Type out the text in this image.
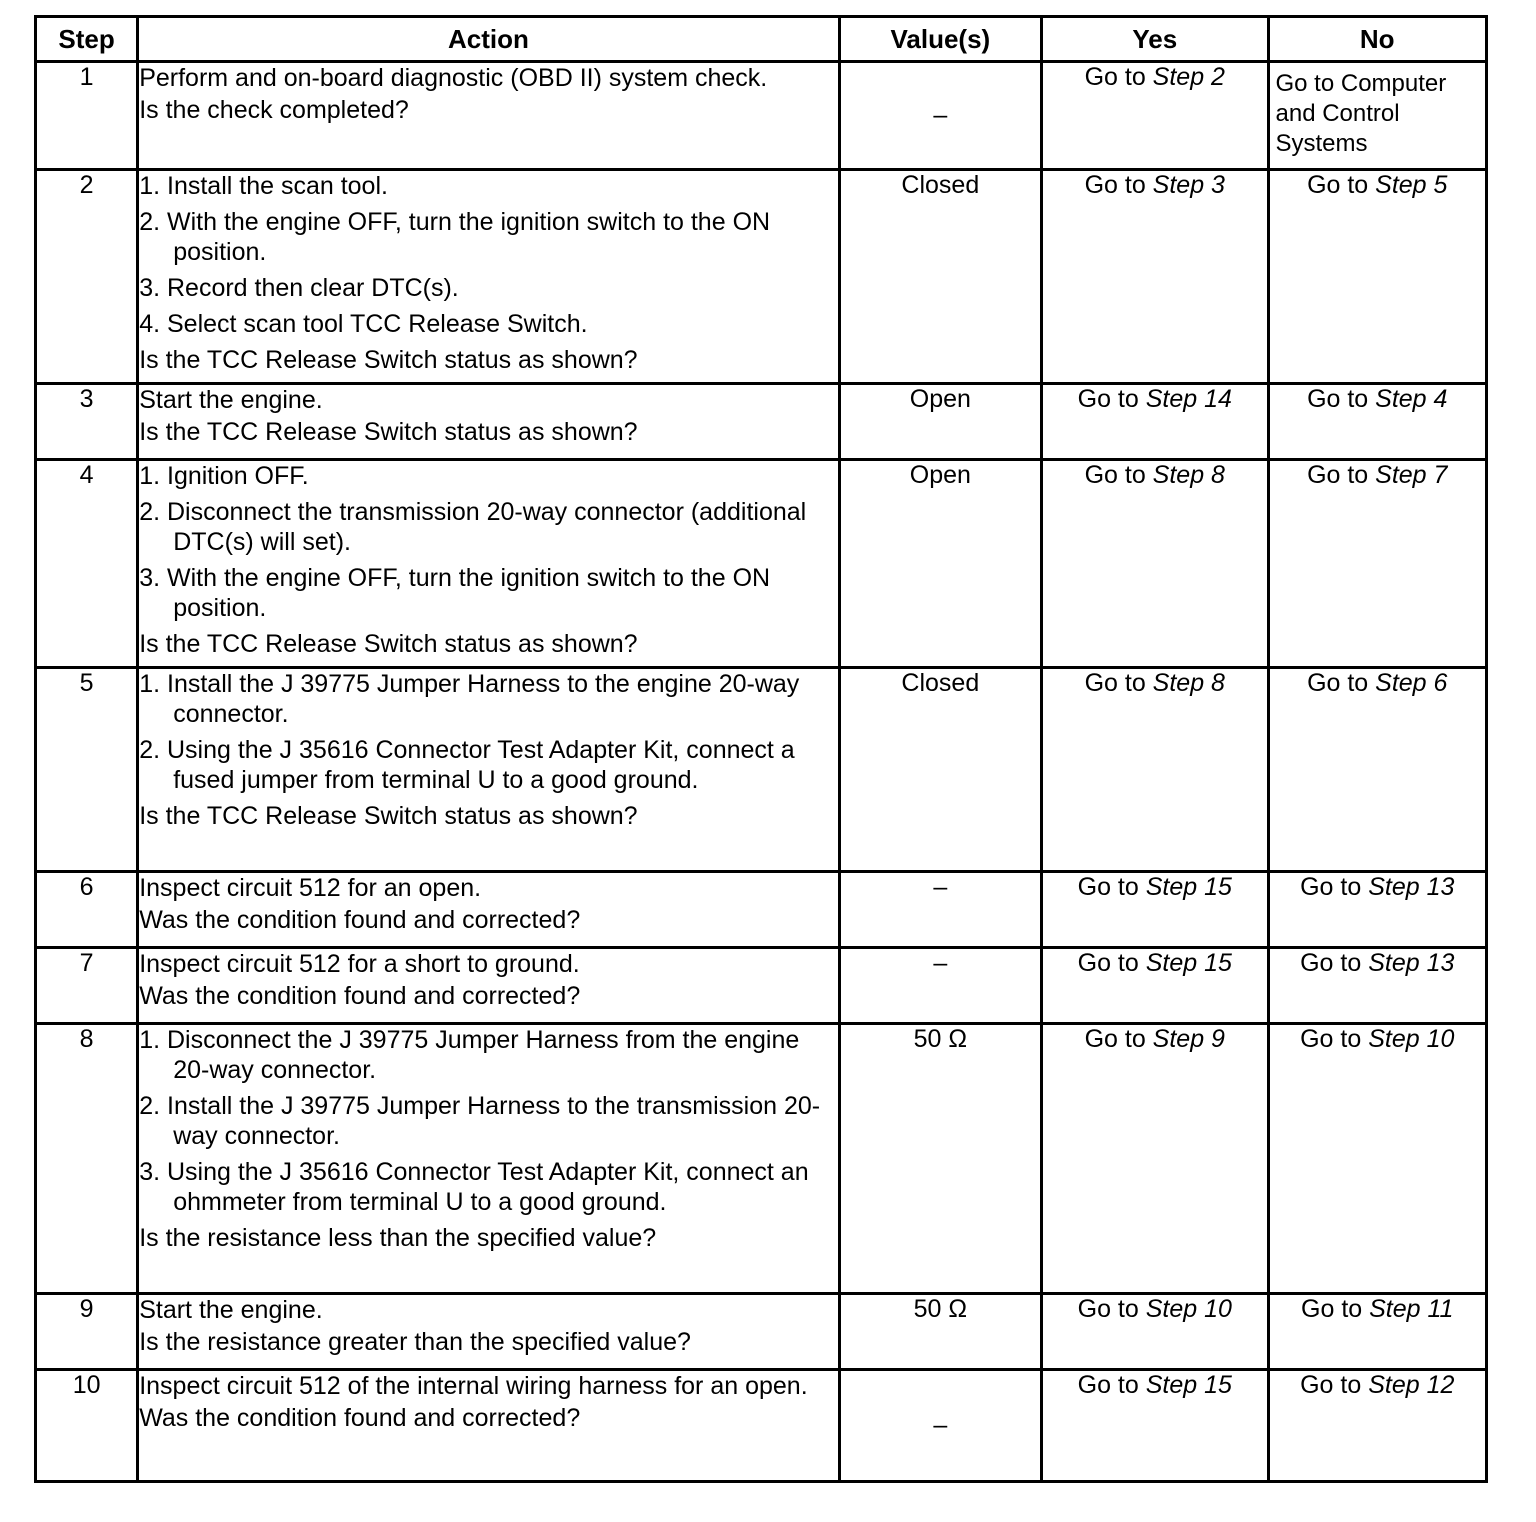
Step	Action	Value(s)	Yes	No
1	Perform and on-board diagnostic (OBD II) system check.
Is the check completed?	–	Go to Step 2	Go to Computer and Control Systems
2	1. Install the scan tool.
2. With the engine OFF, turn the ignition switch to the ON position.
3. Record then clear DTC(s).
4. Select scan tool TCC Release Switch.
Is the TCC Release Switch status as shown?	Closed	Go to Step 3	Go to Step 5
3	Start the engine.
Is the TCC Release Switch status as shown?	Open	Go to Step 14	Go to Step 4
4	1. Ignition OFF.
2. Disconnect the transmission 20-way connector (additional DTC(s) will set).
3. With the engine OFF, turn the ignition switch to the ON position.
Is the TCC Release Switch status as shown?	Open	Go to Step 8	Go to Step 7
5	1. Install the J 39775 Jumper Harness to the engine 20-way connector.
2. Using the J 35616 Connector Test Adapter Kit, connect a fused jumper from terminal U to a good ground.
Is the TCC Release Switch status as shown?	Closed	Go to Step 8	Go to Step 6
6	Inspect circuit 512 for an open.
Was the condition found and corrected?	–	Go to Step 15	Go to Step 13
7	Inspect circuit 512 for a short to ground.
Was the condition found and corrected?	–	Go to Step 15	Go to Step 13
8	1. Disconnect the J 39775 Jumper Harness from the engine 20-way connector.
2. Install the J 39775 Jumper Harness to the transmission 20-way connector.
3. Using the J 35616 Connector Test Adapter Kit, connect an ohmmeter from terminal U to a good ground.
Is the resistance less than the specified value?	50 Ω	Go to Step 9	Go to Step 10
9	Start the engine.
Is the resistance greater than the specified value?	50 Ω	Go to Step 10	Go to Step 11
10	Inspect circuit 512 of the internal wiring harness for an open.
Was the condition found and corrected?	–	Go to Step 15	Go to Step 12
